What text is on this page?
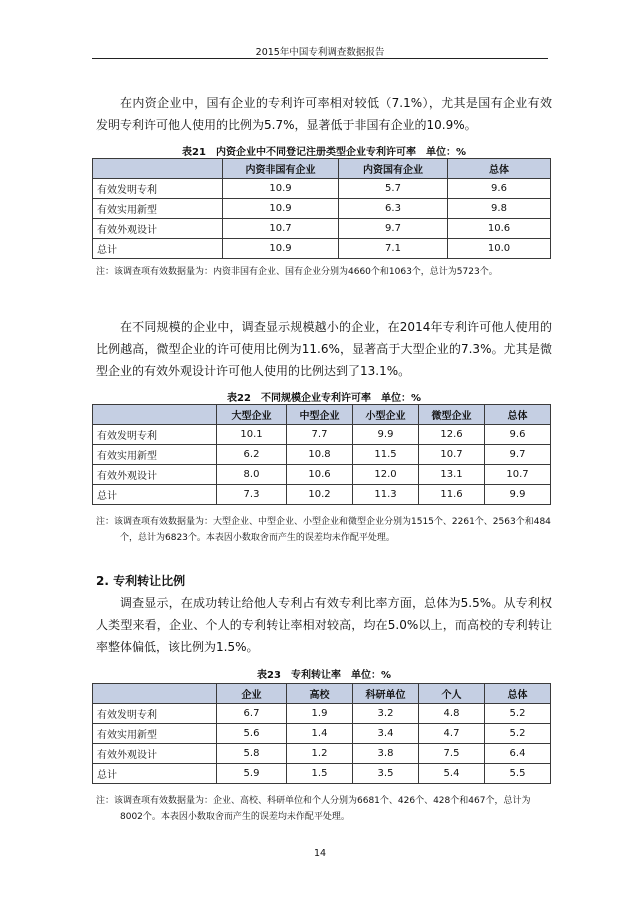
2015年中国专利调查数据报告

在内资企业中，国有企业的专利许可率相对较低（7.1%），尤其是国有企业有效发明专利许可他人使用的比例为5.7%，显著低于非国有企业的10.9%。

表21　内资企业中不同登记注册类型企业专利许可率　单位：%
	内资非国有企业	内资国有企业	总体
有效发明专利	10.9	5.7	9.6
有效实用新型	10.9	6.3	9.8
有效外观设计	10.7	9.7	10.6
总计	10.9	7.1	10.0

注：该调查项有效数据量为：内资非国有企业、国有企业分别为4660个和1063个，总计为5723个。

在不同规模的企业中，调查显示规模越小的企业，在2014年专利许可他人使用的比例越高，微型企业的许可使用比例为11.6%，显著高于大型企业的7.3%。尤其是微型企业的有效外观设计许可他人使用的比例达到了13.1%。

表22　不同规模企业专利许可率　单位：%
	大型企业	中型企业	小型企业	微型企业	总体
有效发明专利	10.1	7.7	9.9	12.6	9.6
有效实用新型	6.2	10.8	11.5	10.7	9.7
有效外观设计	8.0	10.6	12.0	13.1	10.7
总计	7.3	10.2	11.3	11.6	9.9

注：该调查项有效数据量为：大型企业、中型企业、小型企业和微型企业分别为1515个、2261个、2563个和484个，总计为6823个。本表因小数取舍而产生的误差均未作配平处理。

2. 专利转让比例

调查显示，在成功转让给他人专利占有效专利比率方面，总体为5.5%。从专利权人类型来看，企业、个人的专利转让率相对较高，均在5.0%以上，而高校的专利转让率整体偏低，该比例为1.5%。

表23　专利转让率　单位：%
	企业	高校	科研单位	个人	总体
有效发明专利	6.7	1.9	3.2	4.8	5.2
有效实用新型	5.6	1.4	3.4	4.7	5.2
有效外观设计	5.8	1.2	3.8	7.5	6.4
总计	5.9	1.5	3.5	5.4	5.5

注：该调查项有效数据量为：企业、高校、科研单位和个人分别为6681个、426个、428个和467个，总计为8002个。本表因小数取舍而产生的误差均未作配平处理。

14
